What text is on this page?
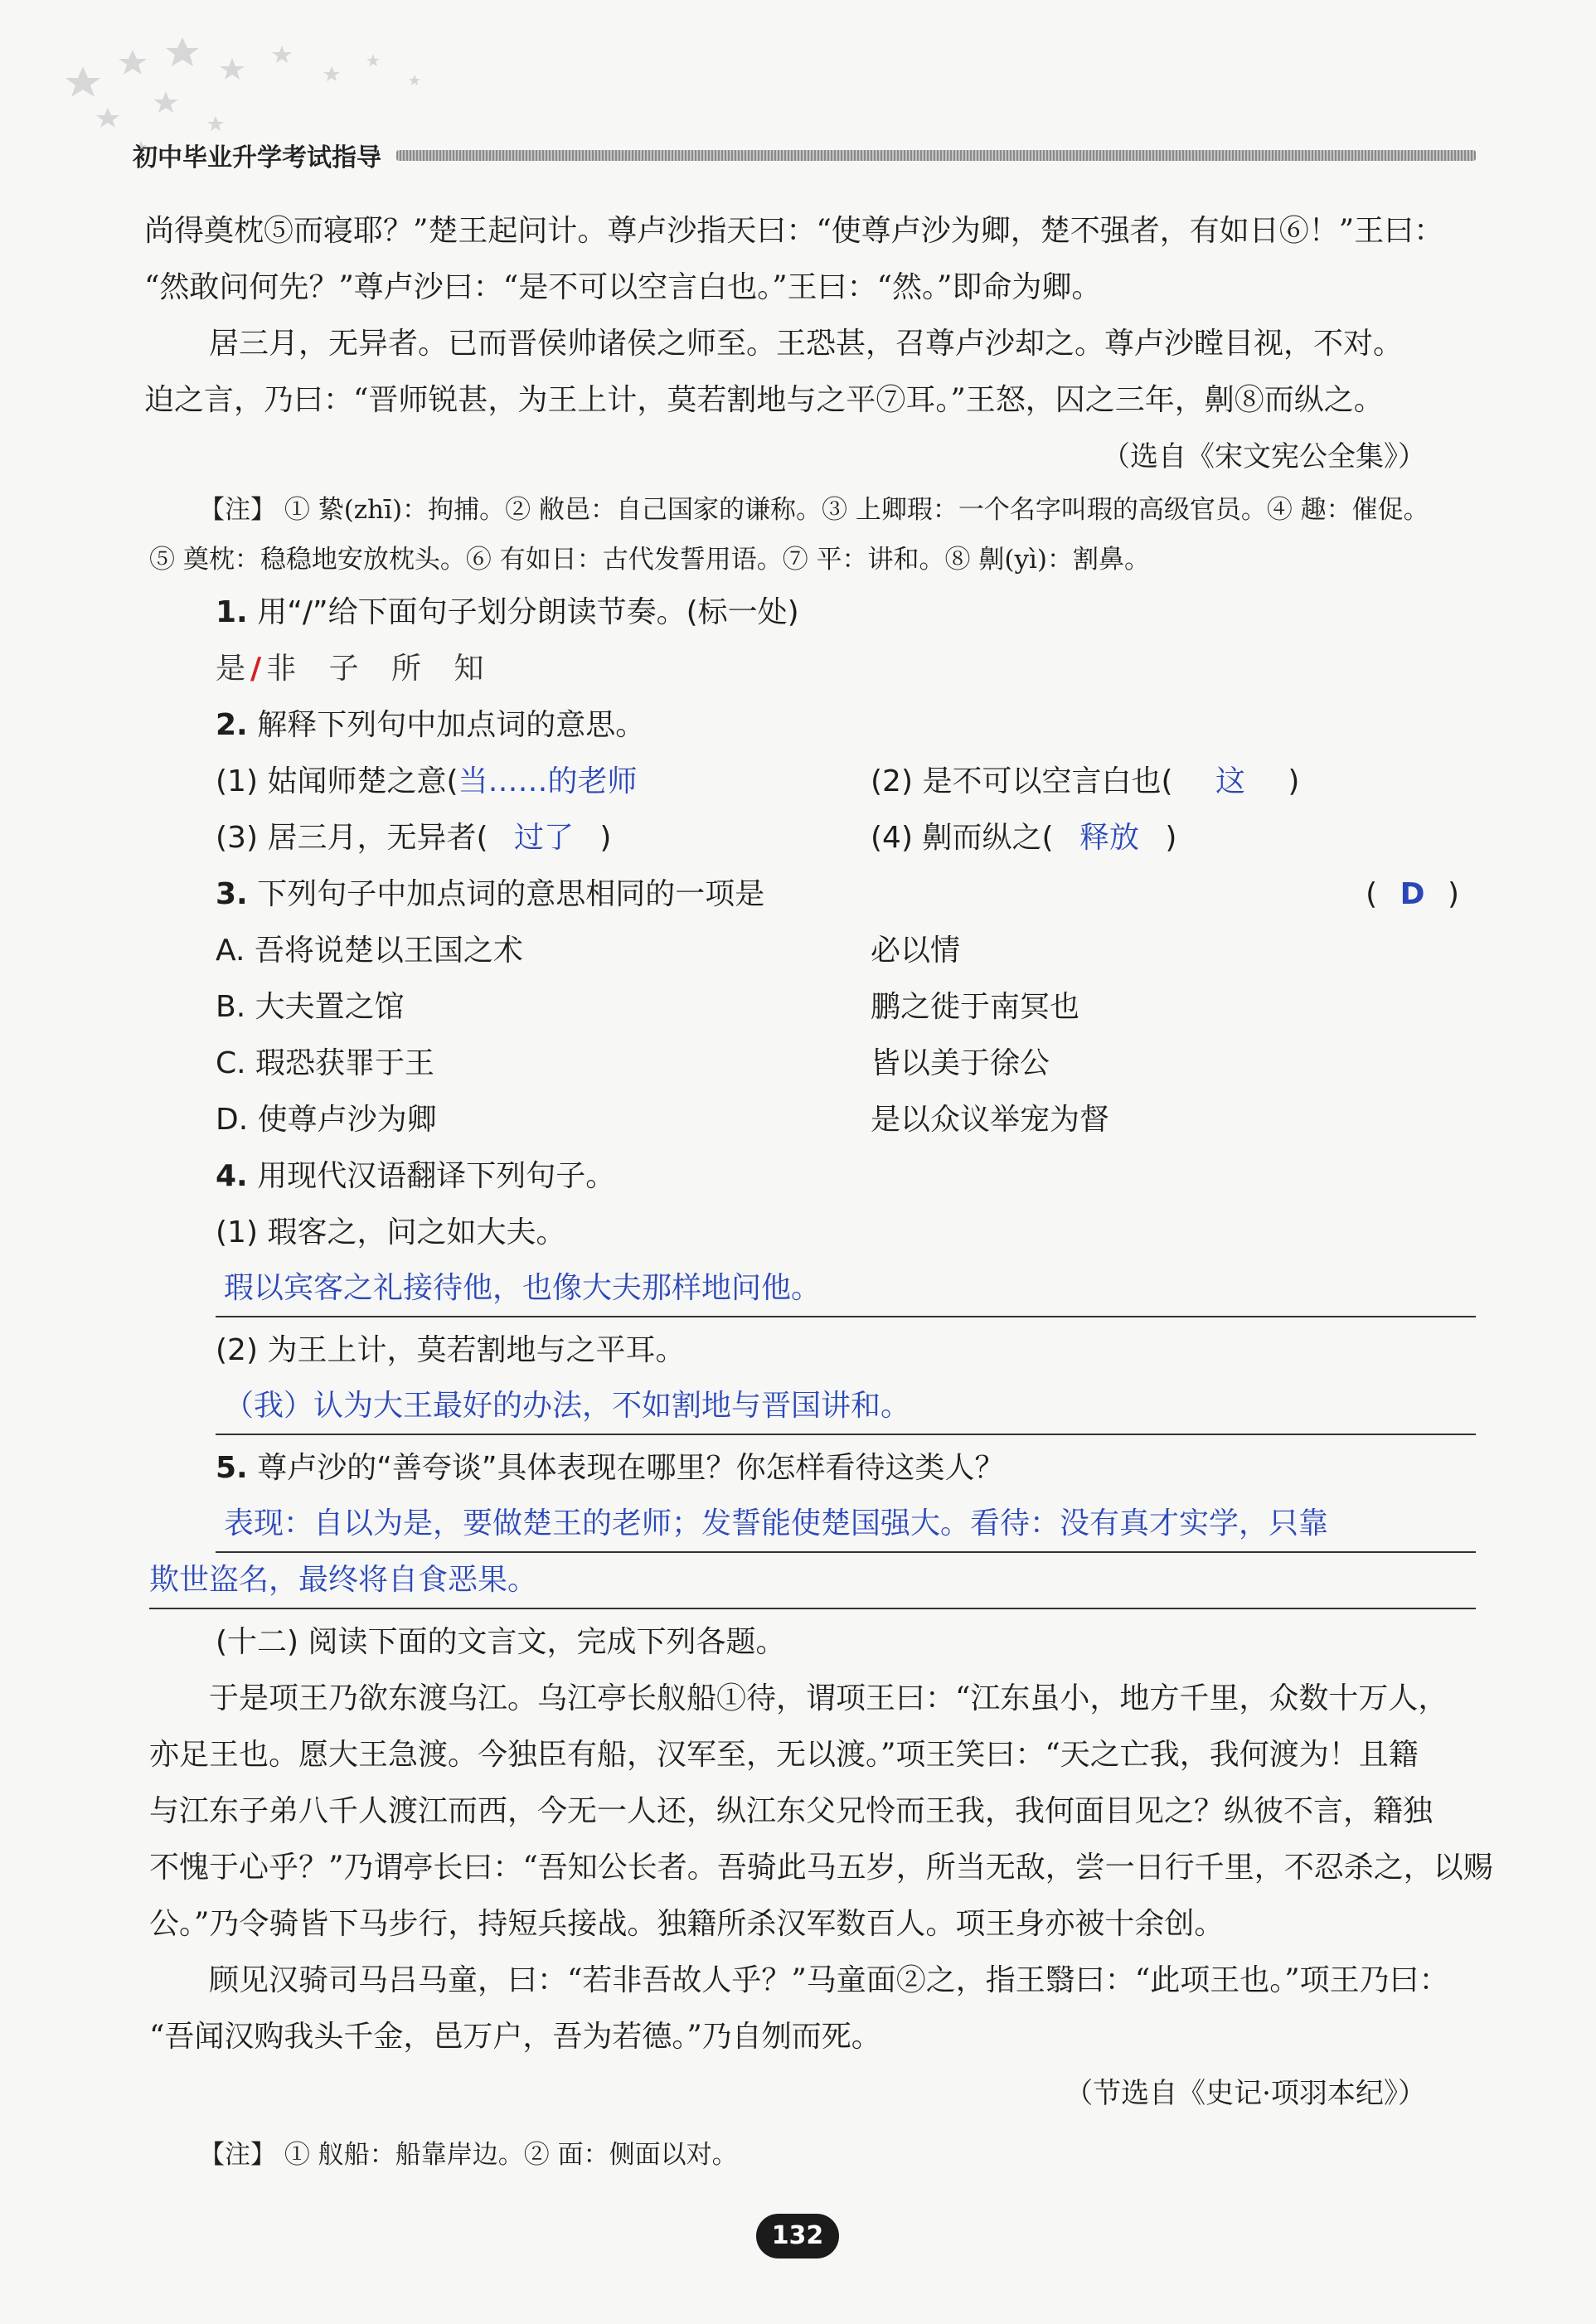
初中毕业升学考试指导

尚得奠枕⑤而寝耶？”楚王起问计。尊卢沙指天曰：“使尊卢沙为卿，楚不强者，有如日⑥！”王曰：

“然敢问何先？”尊卢沙曰：“是不可以空言白也。”王曰：“然。”即命为卿。

居三月，无异者。已而晋侯帅诸侯之师至。王恐甚，召尊卢沙却之。尊卢沙瞠目视，不对。

迫之言，乃曰：“晋师锐甚，为王上计，莫若割地与之平⑦耳。”王怒，囚之三年，劓⑧而纵之。

（选自《宋文宪公全集》）
【注】 ① 絷(zhī)：拘捕。② 敝邑：自己国家的谦称。③ 上卿瑕：一个名字叫瑕的高级官员。④ 趣：催促。
⑤ 奠枕：稳稳地安放枕头。⑥ 有如日：古代发誓用语。⑦ 平：讲和。⑧ 劓(yì)：割鼻。
1. 用“/”给下面句子划分朗读节奏。(标一处)
是/非 子 所 知
2. 解释下列句中加点词的意思。
(1) 姑闻师楚之意(当……的老师	(2) 是不可以空言白也( 这 )
(3) 居三月，无异者( 过了 )	(4) 劓而纵之( 释放 )
3. 下列句子中加点词的意思相同的一项是	( D )
A. 吾将说楚以王国之术	必以情
B. 大夫置之馆	鹏之徙于南冥也
C. 瑕恐获罪于王	皆以美于徐公
D. 使尊卢沙为卿	是以众议举宠为督
4. 用现代汉语翻译下列句子。
(1) 瑕客之，问之如大夫。
瑕以宾客之礼接待他，也像大夫那样地问他。
(2) 为王上计，莫若割地与之平耳。
（我）认为大王最好的办法，不如割地与晋国讲和。
5. 尊卢沙的“善夸谈”具体表现在哪里？你怎样看待这类人？
表现：自以为是，要做楚王的老师；发誓能使楚国强大。看待：没有真才实学，只靠
欺世盗名，最终将自食恶果。
(十二) 阅读下面的文言文，完成下列各题。

于是项王乃欲东渡乌江。乌江亭长舣船①待，谓项王曰：“江东虽小，地方千里，众数十万人，

亦足王也。愿大王急渡。今独臣有船，汉军至，无以渡。”项王笑曰：“天之亡我，我何渡为！且籍

与江东子弟八千人渡江而西，今无一人还，纵江东父兄怜而王我，我何面目见之？纵彼不言，籍独

不愧于心乎？”乃谓亭长曰：“吾知公长者。吾骑此马五岁，所当无敌，尝一日行千里，不忍杀之，以赐

公。”乃令骑皆下马步行，持短兵接战。独籍所杀汉军数百人。项王身亦被十余创。

顾见汉骑司马吕马童，曰：“若非吾故人乎？”马童面②之，指王翳曰：“此项王也。”项王乃曰：

“吾闻汉购我头千金，邑万户，吾为若德。”乃自刎而死。

（节选自《史记·项羽本纪》）
【注】 ① 舣船：船靠岸边。② 面：侧面以对。
132
